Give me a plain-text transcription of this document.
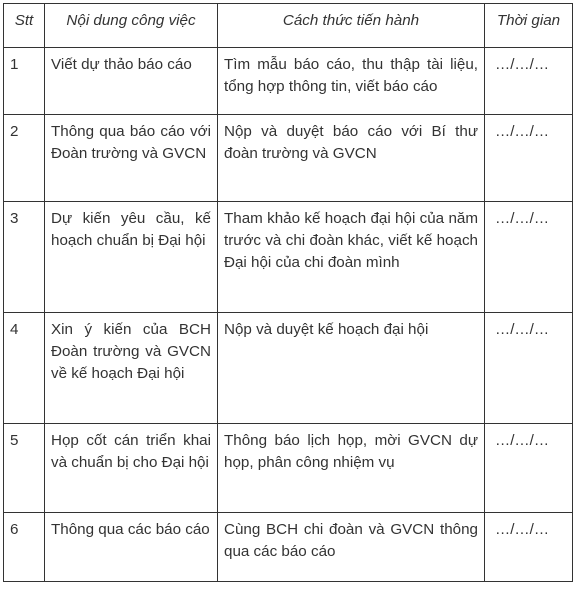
Stt	Nội dung công việc	Cách thức tiến hành	Thời gian
1	Viết dự thảo báo cáo	Tìm mẫu báo cáo, thu thập tài liệu, tổng hợp thông tin, viết báo cáo	…/…/…
2	Thông qua báo cáo với Đoàn trường và GVCN	Nộp và duyệt báo cáo với Bí thư đoàn trường và GVCN	…/…/…
3	Dự kiến yêu cầu, kế hoạch chuẩn bị Đại hội	Tham khảo kế hoạch đại hội của năm trước và chi đoàn khác, viết kế hoạch Đại hội của chi đoàn mình	…/…/…
4	Xin ý kiến của BCH Đoàn trường và GVCN về kế hoạch Đại hội	Nộp và duyệt kế hoạch đại hội	…/…/…
5	Họp cốt cán triển khai và chuẩn bị cho Đại hội	Thông báo lịch họp, mời GVCN dự họp, phân công nhiệm vụ	…/…/…
6	Thông qua các báo cáo	Cùng BCH chi đoàn và GVCN thông qua các báo cáo	…/…/…
